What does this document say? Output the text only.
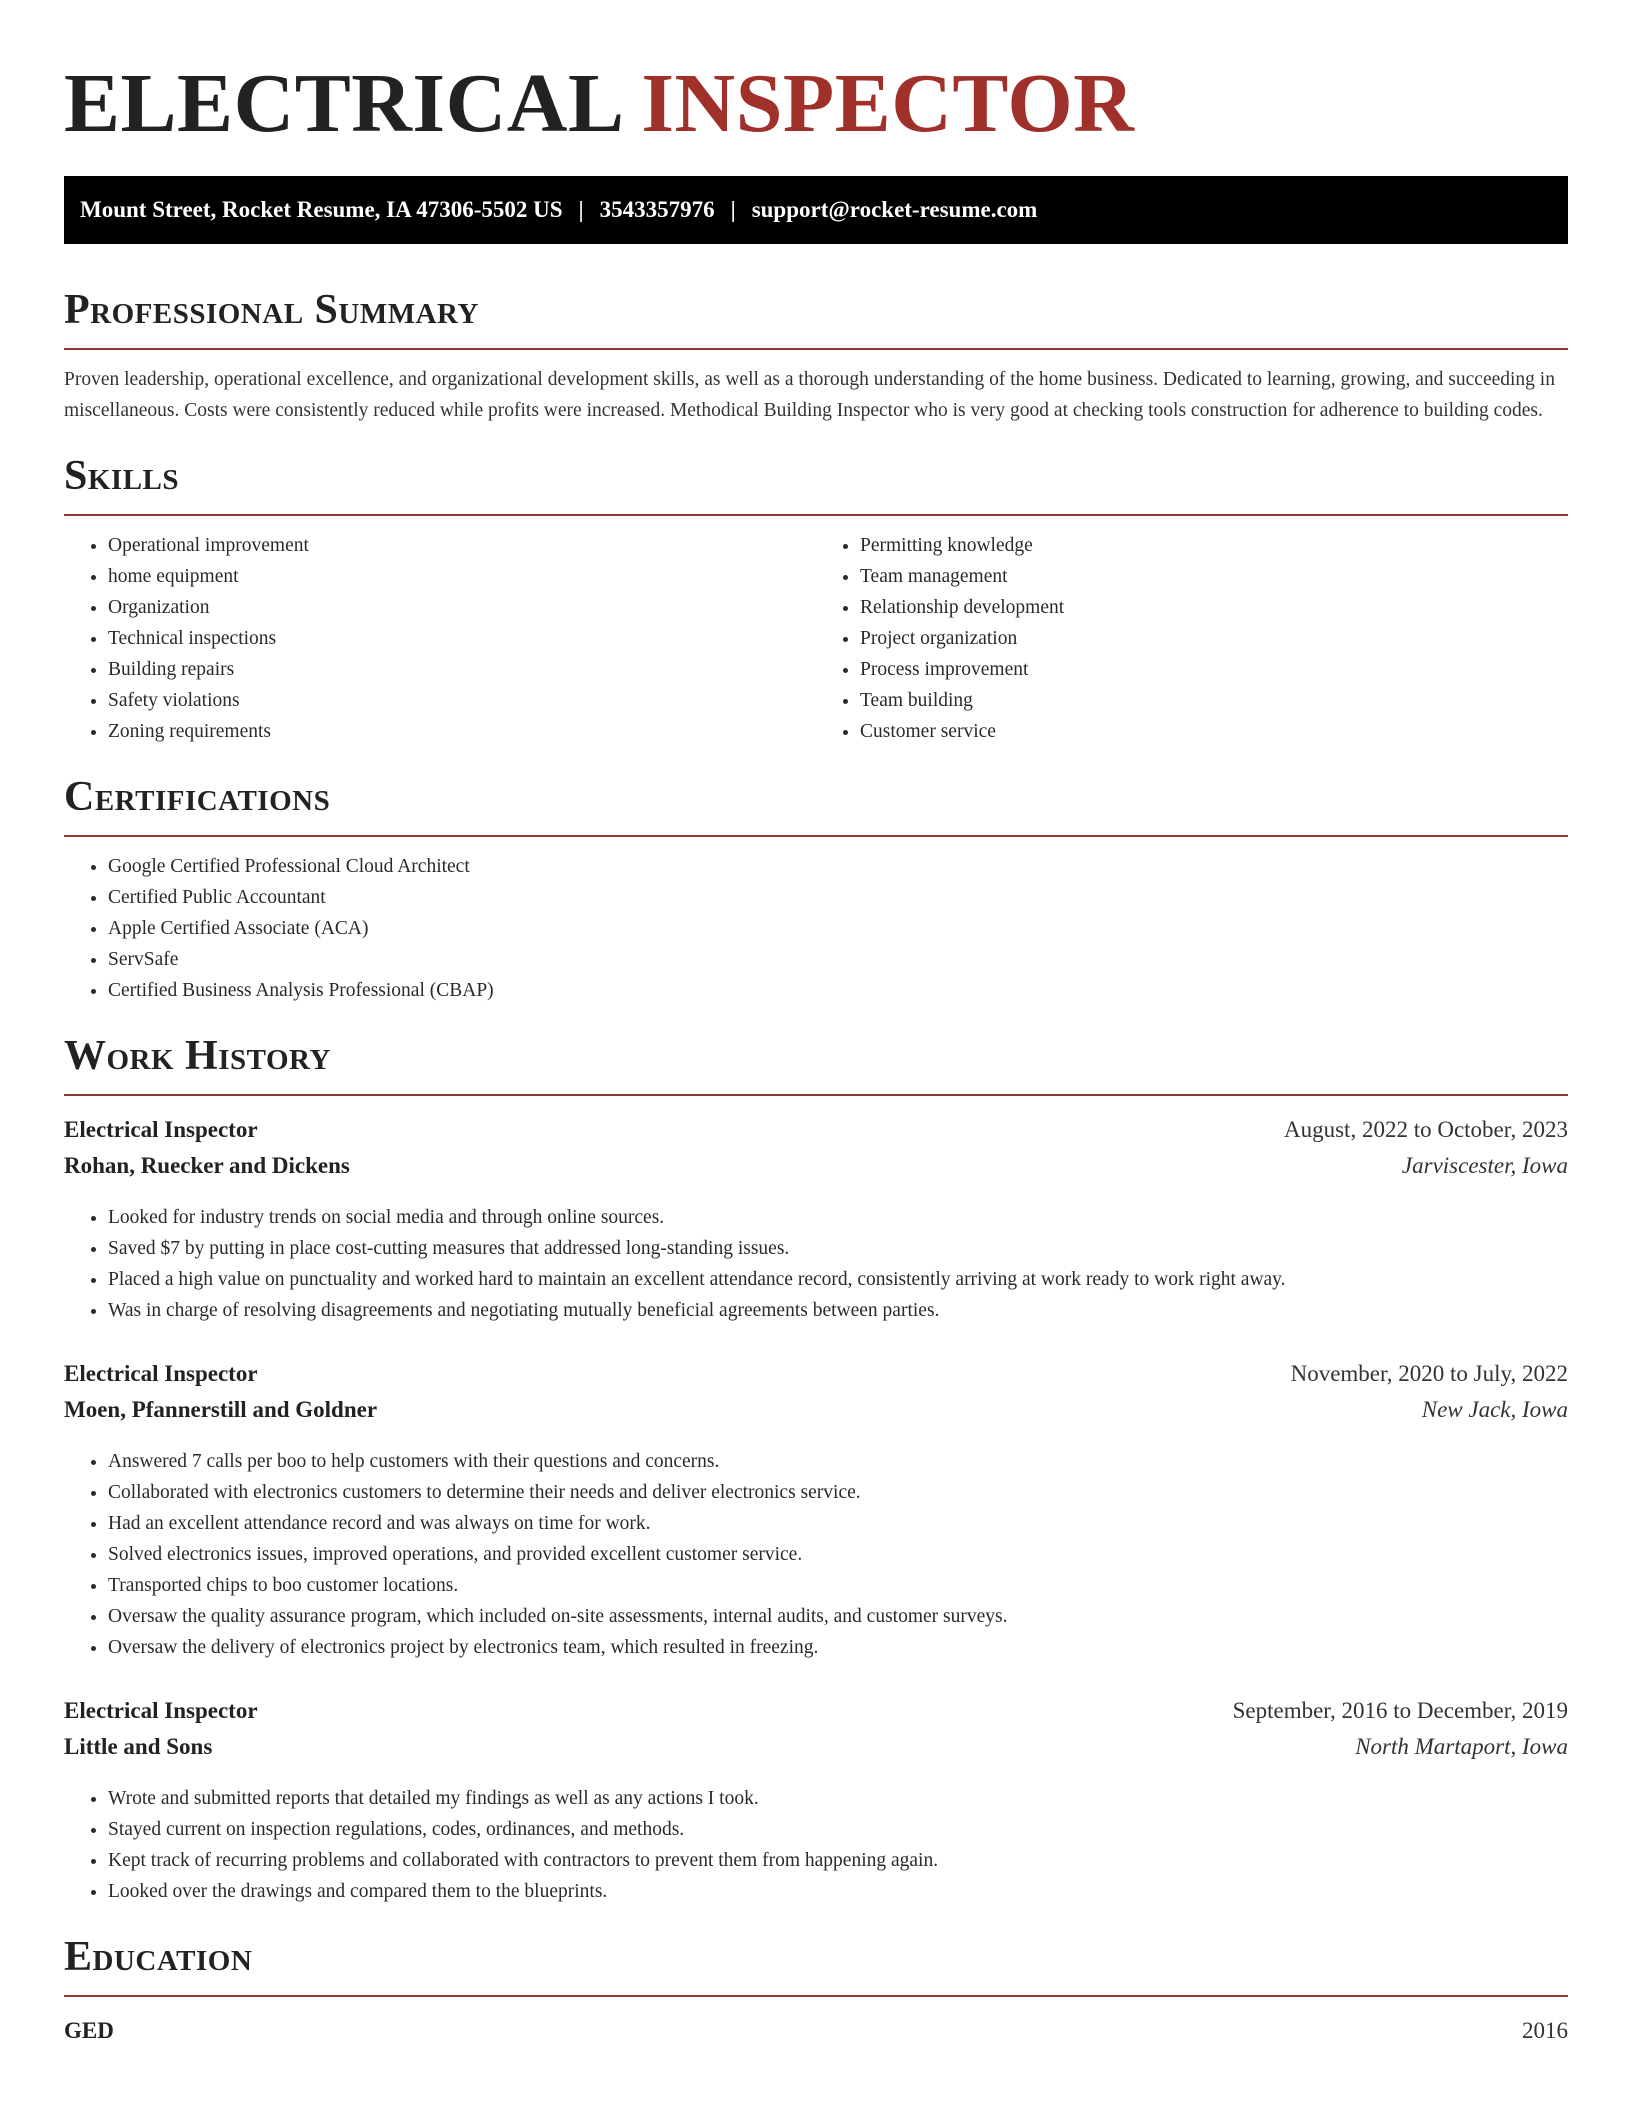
ELECTRICAL INSPECTOR
Mount Street, Rocket Resume, IA 47306-5502 US | 3543357976 | support@rocket-resume.com
Professional Summary

Proven leadership, operational excellence, and organizational development skills, as well as a thorough understanding of the home business. Dedicated to learning, growing, and succeeding in miscellaneous. Costs were consistently reduced while profits were increased. Methodical Building Inspector who is very good at checking tools construction for adherence to building codes.

Skills
• Operational improvement
• home equipment
• Organization
• Technical inspections
• Building repairs
• Safety violations
• Zoning requirements
• Permitting knowledge
• Team management
• Relationship development
• Project organization
• Process improvement
• Team building
• Customer service
Certifications
• Google Certified Professional Cloud Architect
• Certified Public Accountant
• Apple Certified Associate (ACA)
• ServSafe
• Certified Business Analysis Professional (CBAP)
Work History
Electrical Inspector	August, 2022 to October, 2023
Rohan, Ruecker and Dickens	Jarviscester, Iowa
• Looked for industry trends on social media and through online sources.
• Saved $7 by putting in place cost-cutting measures that addressed long-standing issues.
• Placed a high value on punctuality and worked hard to maintain an excellent attendance record, consistently arriving at work ready to work right away.
• Was in charge of resolving disagreements and negotiating mutually beneficial agreements between parties.
Electrical Inspector	November, 2020 to July, 2022
Moen, Pfannerstill and Goldner	New Jack, Iowa
• Answered 7 calls per boo to help customers with their questions and concerns.
• Collaborated with electronics customers to determine their needs and deliver electronics service.
• Had an excellent attendance record and was always on time for work.
• Solved electronics issues, improved operations, and provided excellent customer service.
• Transported chips to boo customer locations.
• Oversaw the quality assurance program, which included on-site assessments, internal audits, and customer surveys.
• Oversaw the delivery of electronics project by electronics team, which resulted in freezing.
Electrical Inspector	September, 2016 to December, 2019
Little and Sons	North Martaport, Iowa
• Wrote and submitted reports that detailed my findings as well as any actions I took.
• Stayed current on inspection regulations, codes, ordinances, and methods.
• Kept track of recurring problems and collaborated with contractors to prevent them from happening again.
• Looked over the drawings and compared them to the blueprints.
Education
GED	2016
